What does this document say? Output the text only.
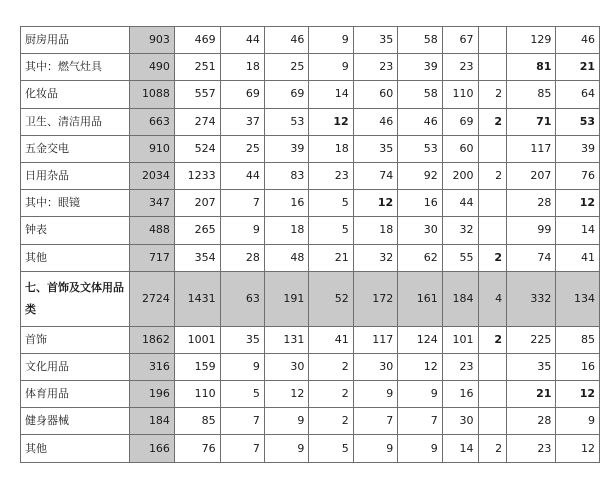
厨房用品	903	469	44	46	9	35	58	67		129	46
其中：燃气灶具	490	251	18	25	9	23	39	23		81	21
化妆品	1088	557	69	69	14	60	58	110	2	85	64
卫生、清洁用品	663	274	37	53	12	46	46	69	2	71	53
五金交电	910	524	25	39	18	35	53	60		117	39
日用杂品	2034	1233	44	83	23	74	92	200	2	207	76
其中：眼镜	347	207	7	16	5	12	16	44		28	12
钟表	488	265	9	18	5	18	30	32		99	14
其他	717	354	28	48	21	32	62	55	2	74	41
七、首饰及文体用品类	2724	1431	63	191	52	172	161	184	4	332	134
首饰	1862	1001	35	131	41	117	124	101	2	225	85
文化用品	316	159	9	30	2	30	12	23		35	16
体育用品	196	110	5	12	2	9	9	16		21	12
健身器械	184	85	7	9	2	7	7	30		28	9
其他	166	76	7	9	5	9	9	14	2	23	12
